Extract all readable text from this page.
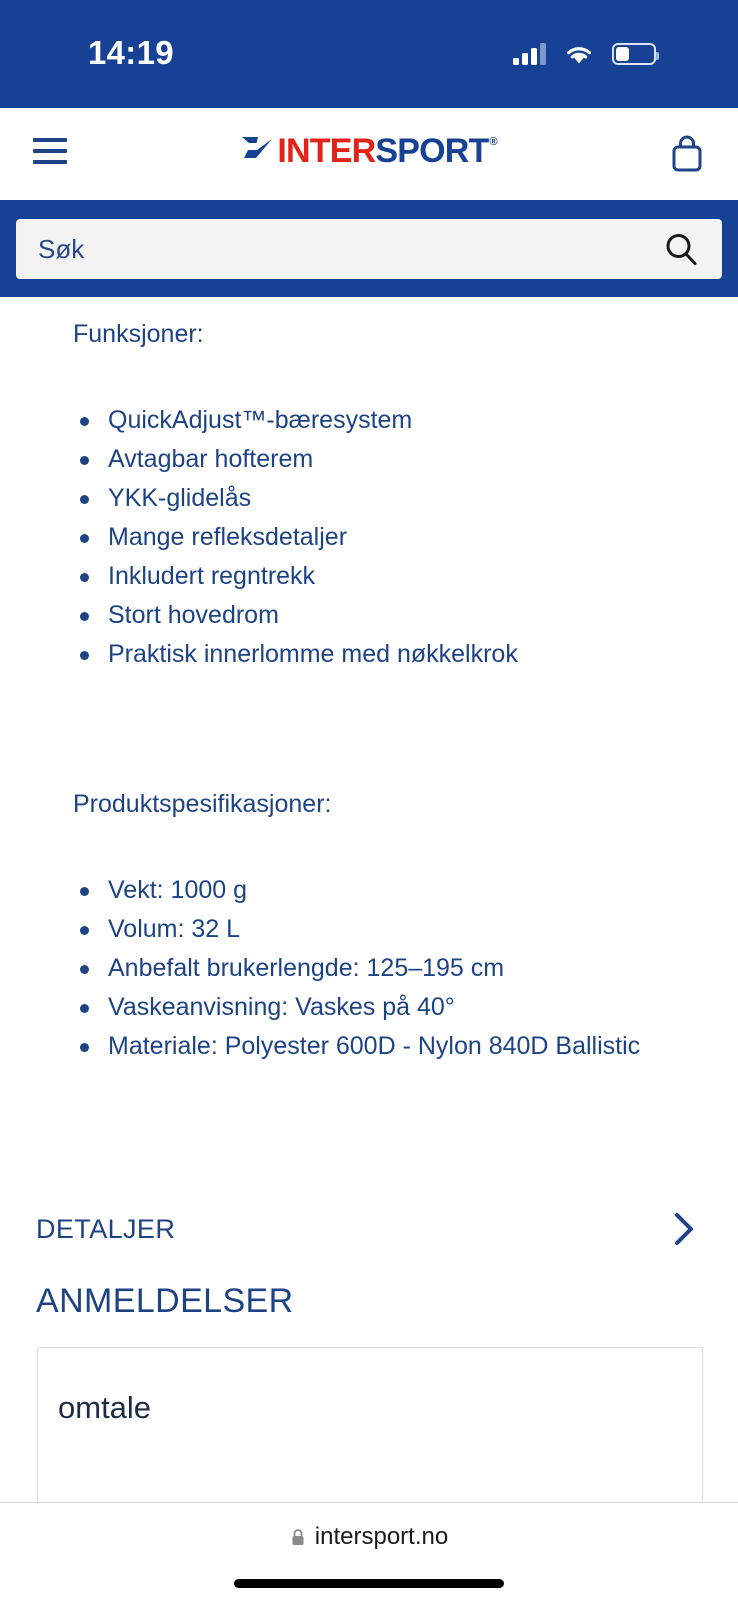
14:19
INTERSPORT®
Søk

Funksjoner:

QuickAdjust™-bæresystem
Avtagbar hofterem
YKK-glidelås
Mange refleksdetaljer
Inkludert regntrekk
Stort hovedrom
Praktisk innerlomme med nøkkelkrok

Produktspesifikasjoner:

Vekt: 1000 g
Volum: 32 L
Anbefalt brukerlengde: 125–195 cm
Vaskeanvisning: Vaskes på 40°
Materiale: Polyester 600D - Nylon 840D Ballistic
DETALJER
ANMELDELSER
omtale
intersport.no
